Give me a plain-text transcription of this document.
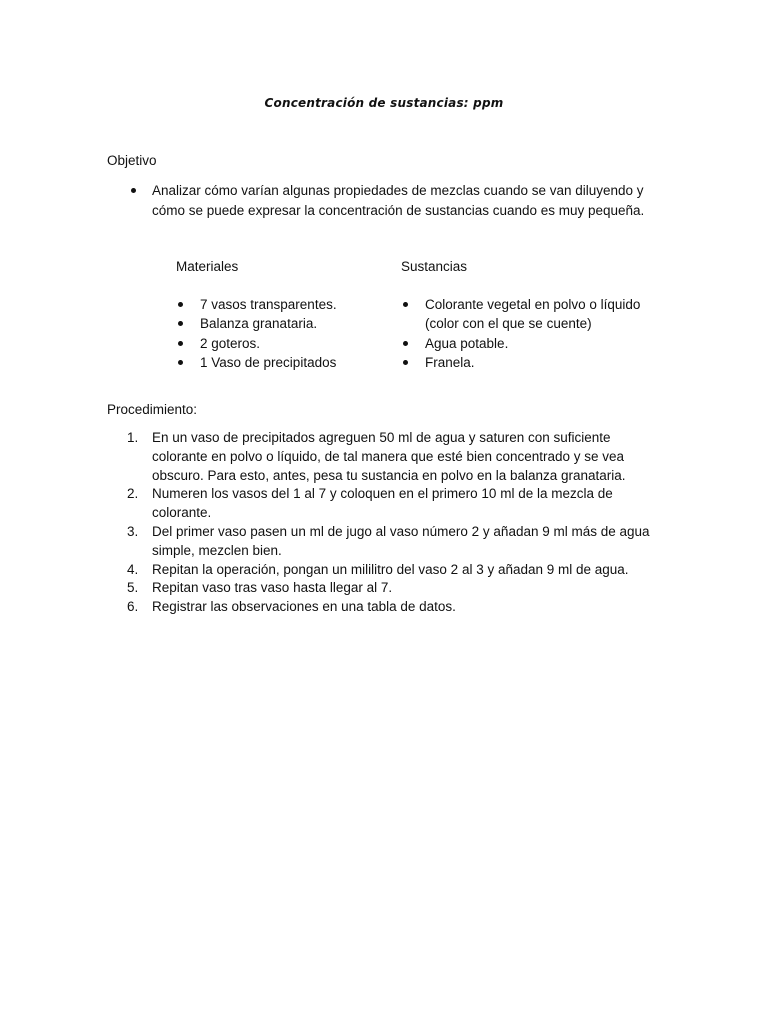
Concentración de sustancias: ppm
Objetivo
Analizar cómo varían algunas propiedades de mezclas cuando se van diluyendo y cómo se puede expresar la concentración de sustancias cuando es muy pequeña.
Materiales
7 vasos transparentes.
Balanza granataria.
2 goteros.
1 Vaso de precipitados
Sustancias
Colorante vegetal en polvo o líquido (color con el que se cuente)
Agua potable.
Franela.
Procedimiento:
1. En un vaso de precipitados agreguen 50 ml de agua y saturen con suficiente colorante en polvo o líquido, de tal manera que esté bien concentrado y se vea obscuro. Para esto, antes, pesa tu sustancia en polvo en la balanza granataria.
2. Numeren los vasos del 1 al 7 y coloquen en el primero 10 ml de la mezcla de colorante.
3. Del primer vaso pasen un ml de jugo al vaso número 2 y añadan 9 ml más de agua simple, mezclen bien.
4. Repitan la operación, pongan un mililitro del vaso 2 al 3 y añadan 9 ml de agua.
5. Repitan vaso tras vaso hasta llegar al 7.
6. Registrar las observaciones en una tabla de datos.
